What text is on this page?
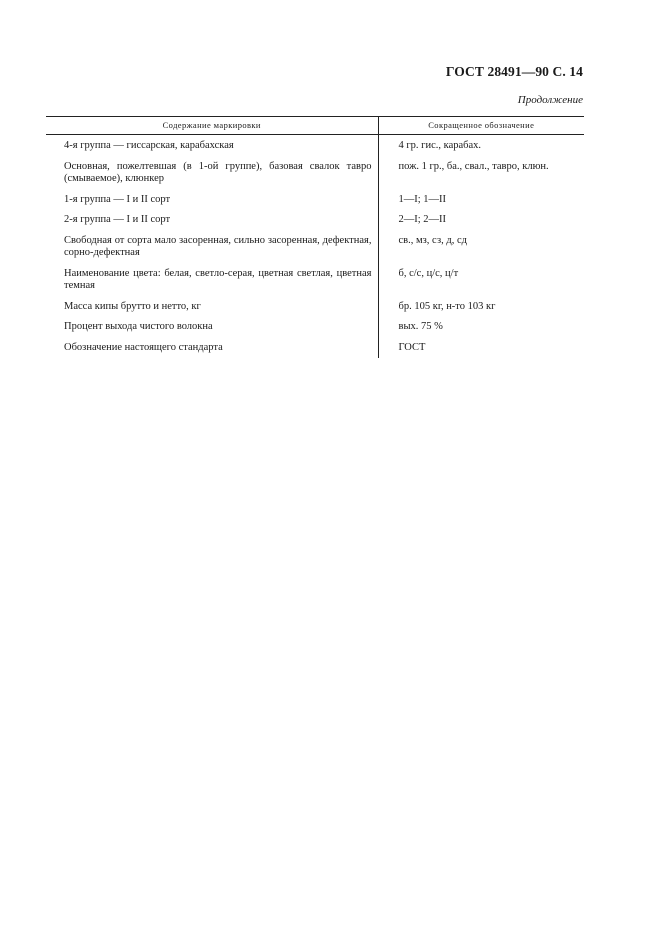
ГОСТ 28491—90 С. 14
Продолжение
Содержание маркировки	Сокращенное обозначение
4-я группа — гиссарская, карабахская	4 гр. гис., карабах.
Основная, пожелтевшая (в 1-ой группе), базовая свалок тавро (смываемое), клюнкер	пож. 1 гр., ба., свал., тавро, клюн.
1-я группа — I и II сорт	1—I; 1—II
2-я группа — I и II сорт	2—I; 2—II
Свободная от сорта мало засоренная, сильно засоренная, дефектная, сорно-дефектная	св., мз, сз, д, сд
Наименование цвета: белая, светло-серая, цветная светлая, цветная темная	б, с/с, ц/с, ц/т
Масса кипы брутто и нетто, кг	бр. 105 кг, н-то 103 кг
Процент выхода чистого волокна	вых. 75 %
Обозначение настоящего стандарта	ГОСТ
